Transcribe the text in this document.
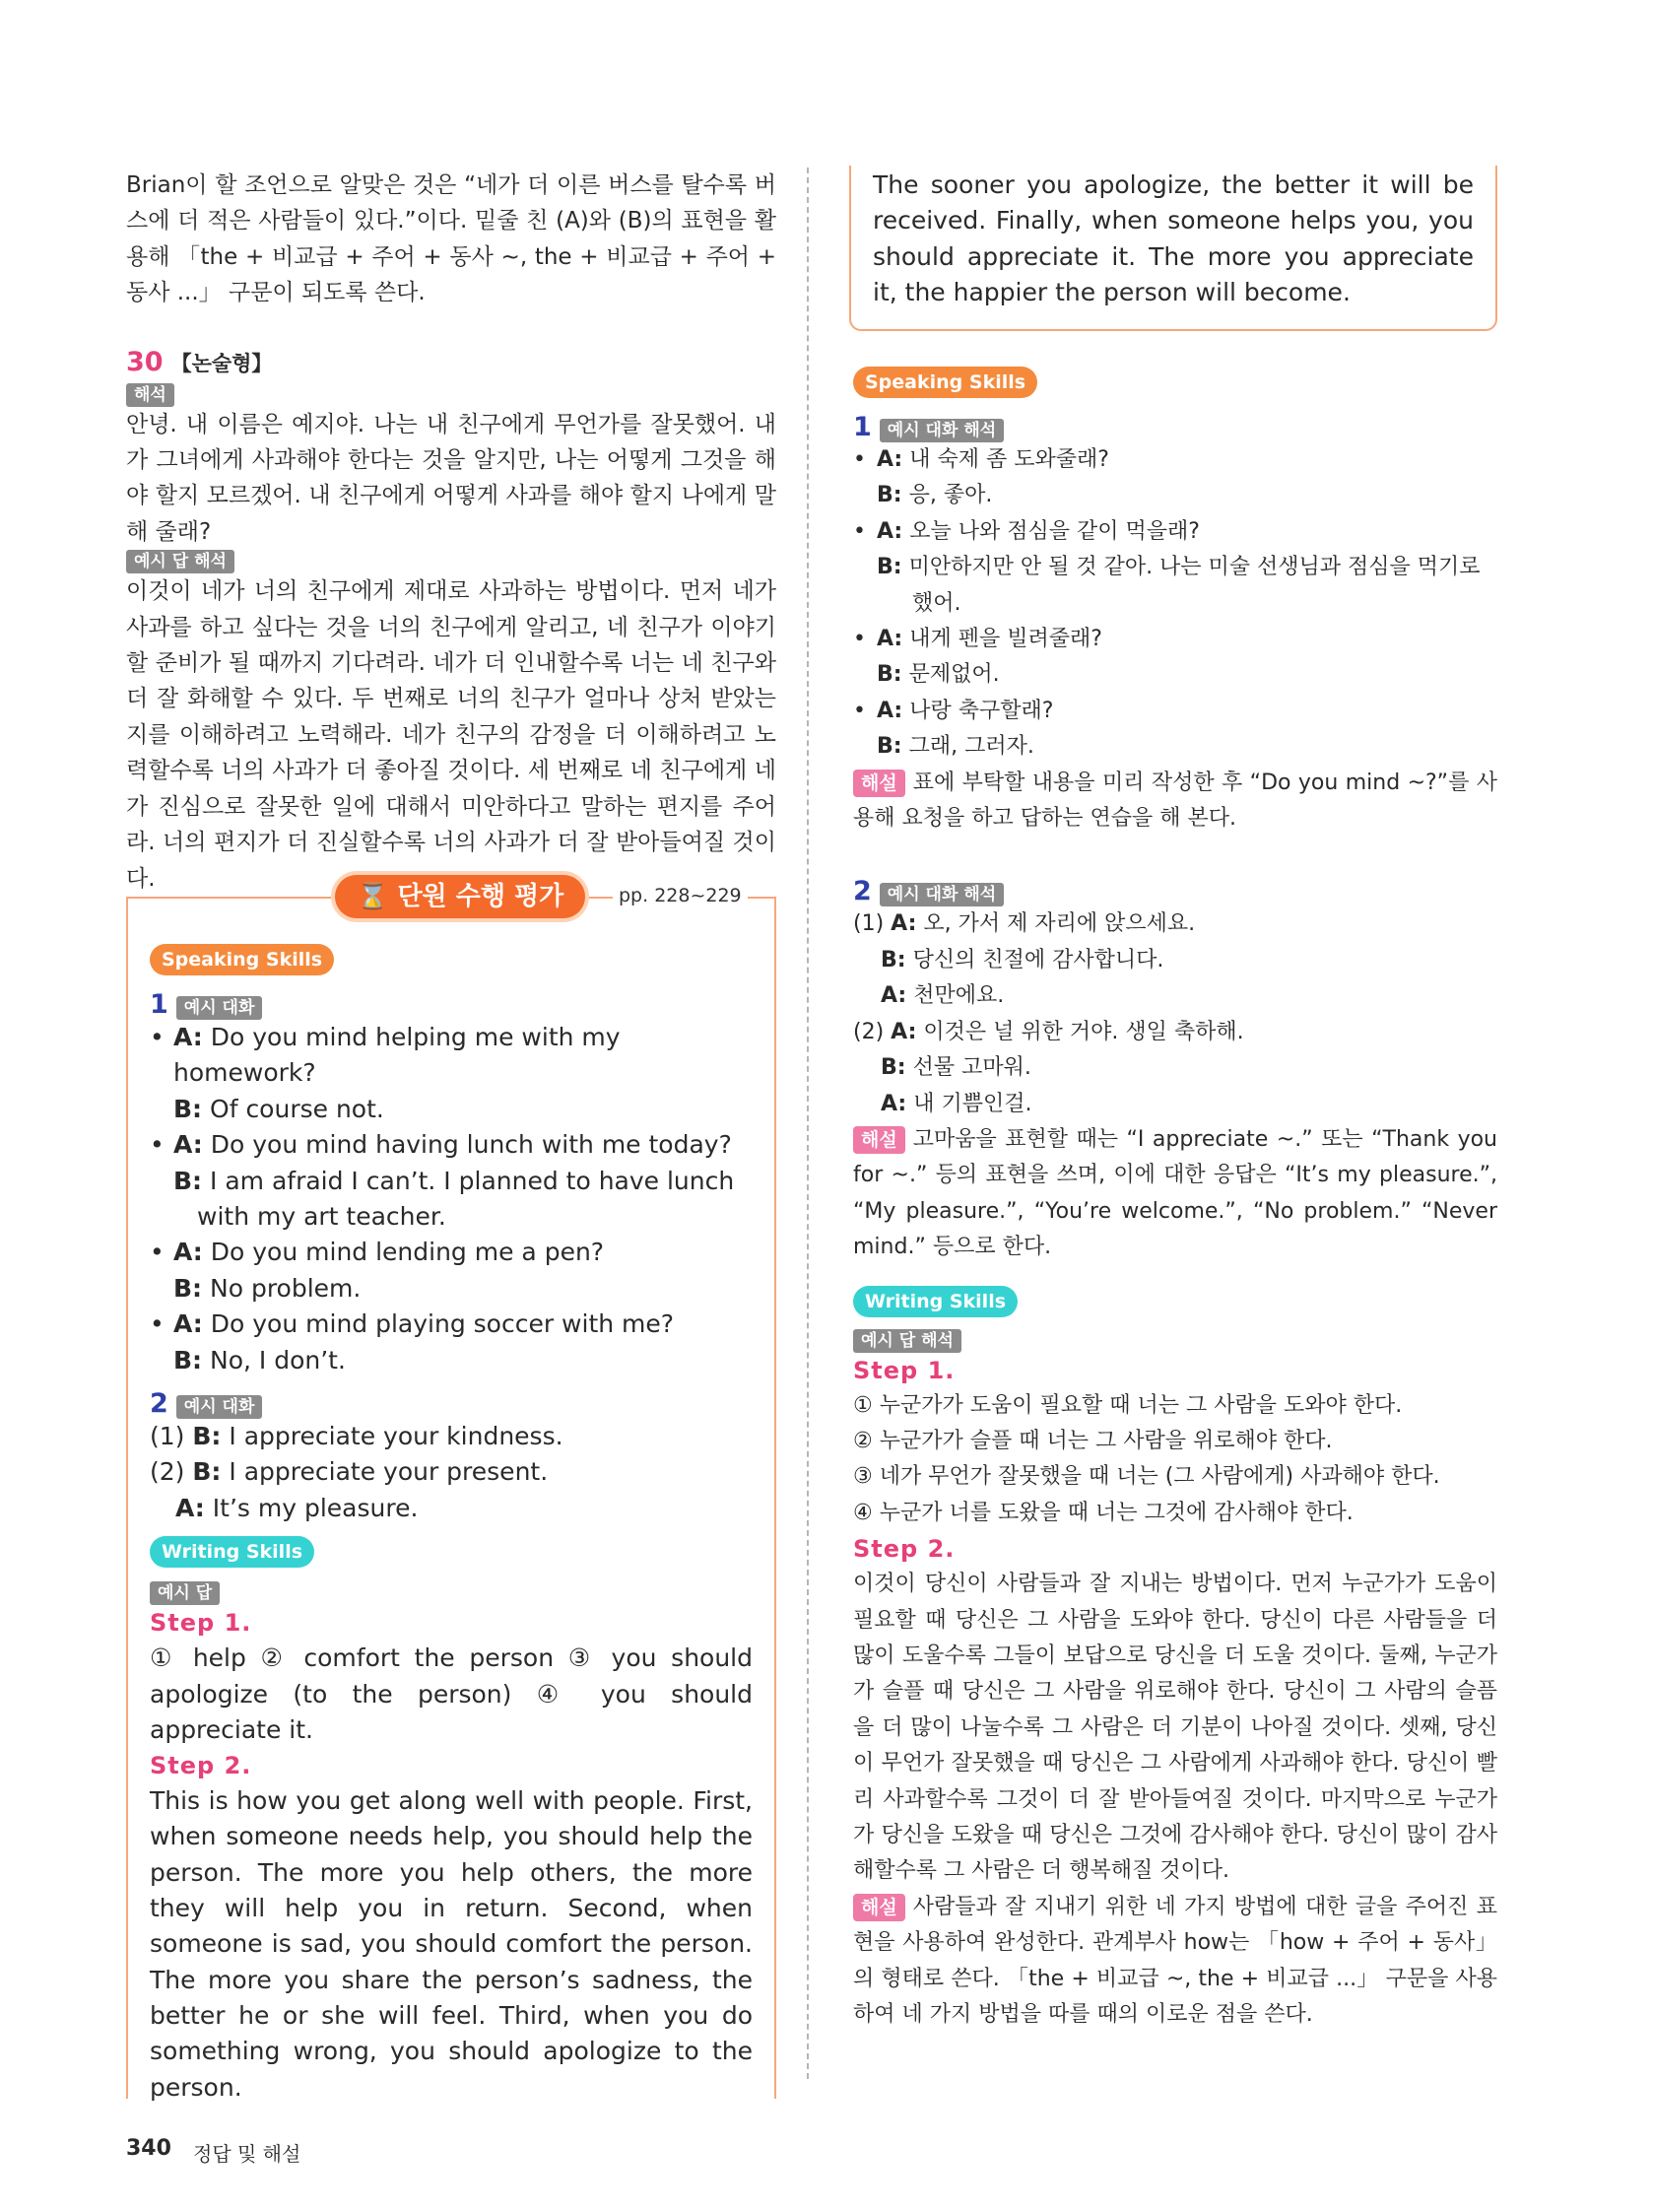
Brian이 할 조언으로 알맞은 것은 “네가 더 이른 버스를 탈수록 버스에 더 적은 사람들이 있다.”이다. 밑줄 친 (A)와 (B)의 표현을 활용해 「the + 비교급 + 주어 + 동사 ~, the + 비교급 + 주어 + 동사 ...」 구문이 되도록 쓴다.

30 【논술형】
해석

안녕. 내 이름은 예지야. 나는 내 친구에게 무언가를 잘못했어. 내가 그녀에게 사과해야 한다는 것을 알지만, 나는 어떻게 그것을 해야 할지 모르겠어. 내 친구에게 어떻게 사과를 해야 할지 나에게 말해 줄래?

예시 답 해석

이것이 네가 너의 친구에게 제대로 사과하는 방법이다. 먼저 네가 사과를 하고 싶다는 것을 너의 친구에게 알리고, 네 친구가 이야기할 준비가 될 때까지 기다려라. 네가 더 인내할수록 너는 네 친구와 더 잘 화해할 수 있다. 두 번째로 너의 친구가 얼마나 상처 받았는지를 이해하려고 노력해라. 네가 친구의 감정을 더 이해하려고 노력할수록 너의 사과가 더 좋아질 것이다. 세 번째로 네 친구에게 네가 진심으로 잘못한 일에 대해서 미안하다고 말하는 편지를 주어라. 너의 편지가 더 진실할수록 너의 사과가 더 잘 받아들여질 것이다.

⌛ 단원 수행 평가	pp. 228~229
Speaking Skills
1 예시 대화
• A: Do you mind helping me with my homework?
B: Of course not.
• A: Do you mind having lunch with me today?
B: I am afraid I can’t. I planned to have lunch
with my art teacher.
• A: Do you mind lending me a pen?
B: No problem.
• A: Do you mind playing soccer with me?
B: No, I don’t.
2 예시 대화
(1) B: I appreciate your kindness.
(2) B: I appreciate your present.
A: It’s my pleasure.
Writing Skills
예시 답
Step 1.

① help ② comfort the person ③ you should apologize (to the person) ④ you should appreciate it.

Step 2.

This is how you get along well with people. First, when someone needs help, you should help the person. The more you help others, the more they will help you in return. Second, when someone is sad, you should comfort the person. The more you share the person’s sadness, the better he or she will feel. Third, when you do something wrong, you should apologize to the person.

The sooner you apologize, the better it will be received. Finally, when someone helps you, you should appreciate it. The more you appreciate it, the happier the person will become.

Speaking Skills
1 예시 대화 해석
• A: 내 숙제 좀 도와줄래?
B: 응, 좋아.
• A: 오늘 나와 점심을 같이 먹을래?
B: 미안하지만 안 될 것 같아. 나는 미술 선생님과 점심을 먹기로
했어.
• A: 내게 펜을 빌려줄래?
B: 문제없어.
• A: 나랑 축구할래?
B: 그래, 그러자.

해설 표에 부탁할 내용을 미리 작성한 후 “Do you mind ~?”를 사용해 요청을 하고 답하는 연습을 해 본다.

2 예시 대화 해석
(1) A: 오, 가서 제 자리에 앉으세요.
B: 당신의 친절에 감사합니다.
A: 천만에요.
(2) A: 이것은 널 위한 거야. 생일 축하해.
B: 선물 고마워.
A: 내 기쁨인걸.

해설 고마움을 표현할 때는 “I appreciate ~.” 또는 “Thank you for ~.” 등의 표현을 쓰며, 이에 대한 응답은 “It’s my pleasure.”, “My pleasure.”, “You’re welcome.”, “No problem.” “Never mind.” 등으로 한다.

Writing Skills
예시 답 해석
Step 1.
① 누군가가 도움이 필요할 때 너는 그 사람을 도와야 한다.
② 누군가가 슬플 때 너는 그 사람을 위로해야 한다.
③ 네가 무언가 잘못했을 때 너는 (그 사람에게) 사과해야 한다.
④ 누군가 너를 도왔을 때 너는 그것에 감사해야 한다.
Step 2.

이것이 당신이 사람들과 잘 지내는 방법이다. 먼저 누군가가 도움이 필요할 때 당신은 그 사람을 도와야 한다. 당신이 다른 사람들을 더 많이 도울수록 그들이 보답으로 당신을 더 도울 것이다. 둘째, 누군가가 슬플 때 당신은 그 사람을 위로해야 한다. 당신이 그 사람의 슬픔을 더 많이 나눌수록 그 사람은 더 기분이 나아질 것이다. 셋째, 당신이 무언가 잘못했을 때 당신은 그 사람에게 사과해야 한다. 당신이 빨리 사과할수록 그것이 더 잘 받아들여질 것이다. 마지막으로 누군가가 당신을 도왔을 때 당신은 그것에 감사해야 한다. 당신이 많이 감사해할수록 그 사람은 더 행복해질 것이다.

해설 사람들과 잘 지내기 위한 네 가지 방법에 대한 글을 주어진 표현을 사용하여 완성한다. 관계부사 how는 「how + 주어 + 동사」의 형태로 쓴다. 「the + 비교급 ~, the + 비교급 ...」 구문을 사용하여 네 가지 방법을 따를 때의 이로운 점을 쓴다.

340 정답 및 해설
